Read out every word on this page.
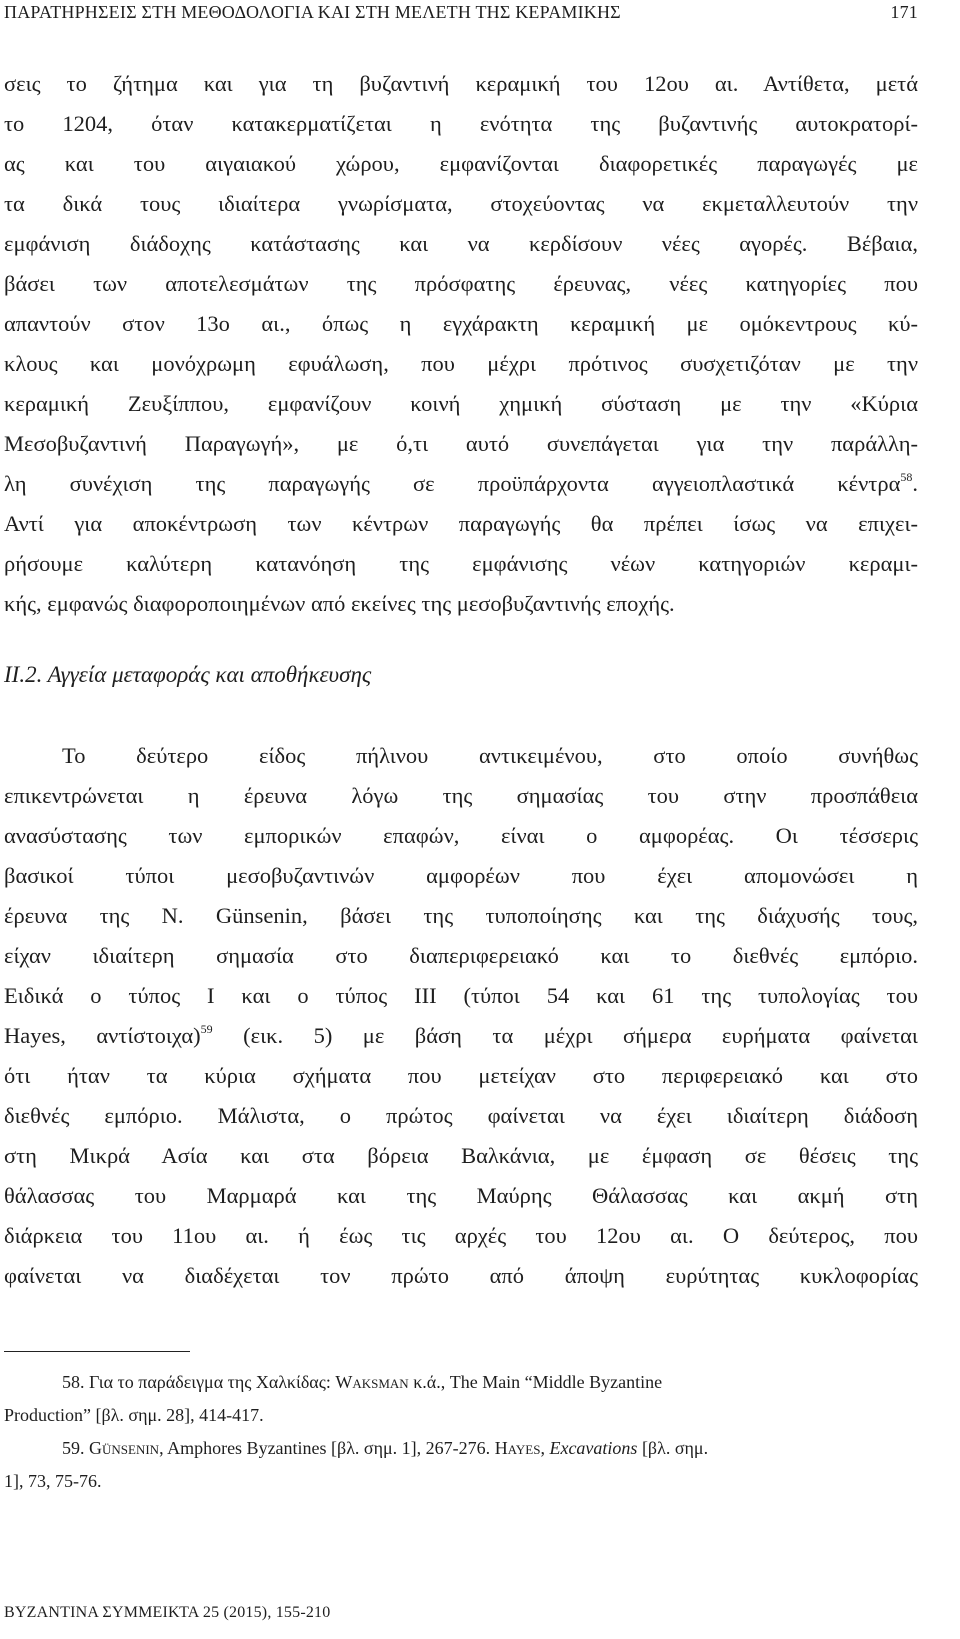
ΠΑΡΑΤΗΡΗΣΕΙΣ ΣΤΗ ΜΕΘΟΔΟΛΟΓΙΑ ΚΑΙ ΣΤΗ ΜΕΛΕΤΗ ΤΗΣ ΚΕΡΑΜΙΚΗΣ	171
σεις το ζήτημα και για τη βυζαντινή κεραμική του 12ου αι. Αντίθετα, μετά
το 1204, όταν κατακερματίζεται η ενότητα της βυζαντινής αυτοκρατορί-
ας και του αιγαιακού χώρου, εμφανίζονται διαφορετικές παραγωγές με
τα δικά τους ιδιαίτερα γνωρίσματα, στοχεύοντας να εκμεταλλευτούν την
εμφάνιση διάδοχης κατάστασης και να κερδίσουν νέες αγορές. Βέβαια,
βάσει των αποτελεσμάτων της πρόσφατης έρευνας, νέες κατηγορίες που
απαντούν στον 13ο αι., όπως η εγχάρακτη κεραμική με ομόκεντρους κύ-
κλους και μονόχρωμη εφυάλωση, που μέχρι πρότινος συσχετιζόταν με την
κεραμική Ζευξίππου, εμφανίζουν κοινή χημική σύσταση με την «Κύρια
Μεσοβυζαντινή Παραγωγή», με ό,τι αυτό συνεπάγεται για την παράλλη-
λη συνέχιση της παραγωγής σε προϋπάρχοντα αγγειοπλαστικά κέντρα$^{58}$.
Αντί για αποκέντρωση των κέντρων παραγωγής θα πρέπει ίσως να επιχει-
ρήσουμε καλύτερη κατανόηση της εμφάνισης νέων κατηγοριών κεραμι-
κής, εμφανώς διαφοροποιημένων από εκείνες της μεσοβυζαντινής εποχής.
ΙΙ.2. Αγγεία μεταφοράς και αποθήκευσης
Το δεύτερο είδος πήλινου αντικειμένου, στο οποίο συνήθως
επικεντρώνεται η έρευνα λόγω της σημασίας του στην προσπάθεια
ανασύστασης των εμπορικών επαφών, είναι ο αμφορέας. Οι τέσσερις
βασικοί τύποι μεσοβυζαντινών αμφορέων που έχει απομονώσει η
έρευνα της N. Günsenin, βάσει της τυποποίησης και της διάχυσής τους,
είχαν ιδιαίτερη σημασία στο διαπεριφερειακό και το διεθνές εμπόριο.
Ειδικά ο τύπος Ι και ο τύπος ΙΙΙ (τύποι 54 και 61 της τυπολογίας του
Hayes, αντίστοιχα)$^{59}$ (εικ. 5) με βάση τα μέχρι σήμερα ευρήματα φαίνεται
ότι ήταν τα κύρια σχήματα που μετείχαν στο περιφερειακό και στο
διεθνές εμπόριο. Μάλιστα, ο πρώτος φαίνεται να έχει ιδιαίτερη διάδοση
στη Μικρά Ασία και στα βόρεια Βαλκάνια, με έμφαση σε θέσεις της
θάλασσας του Μαρμαρά και της Μαύρης Θάλασσας και ακμή στη
διάρκεια του 11ου αι. ή έως τις αρχές του 12ου αι. Ο δεύτερος, που
φαίνεται να διαδέχεται τον πρώτο από άποψη ευρύτητας κυκλοφορίας
58. Για το παράδειγμα της Χαλκίδας: Waksman κ.ά., The Main “Middle Byzantine
Production” [βλ. σημ. 28], 414-417.
59. Günsenin, Amphores Byzantines [βλ. σημ. 1], 267-276. Hayes, Excavations [βλ. σημ.
1], 73, 75-76.
ΒΥΖΑΝΤΙΝΑ ΣΥΜΜΕΙΚΤΑ 25 (2015), 155-210
